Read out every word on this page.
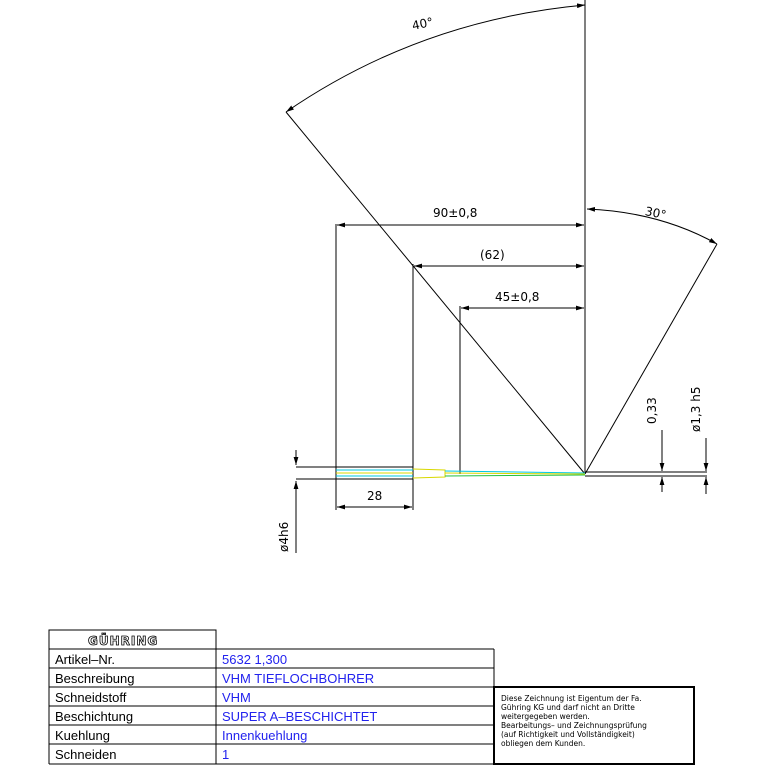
40°
30°
90±0,8
(62)
45±0,8
28
ø4h6
0,33	ø1,3 h5
GÜHRING
Artikel–Nr.	5632 1,300
Beschreibung	VHM TIEFLOCHBOHRER
Schneidstoff	VHM
Beschichtung	SUPER A–BESCHICHTET
Kuehlung	Innenkuehlung
Schneiden	1
Diese Zeichnung ist Eigentum der Fa.
Gühring KG und darf nicht an Dritte
weitergegeben werden.
Bearbeitungs– und Zeichnungsprüfung
(auf Richtigkeit und Vollständigkeit)
obliegen dem Kunden.
